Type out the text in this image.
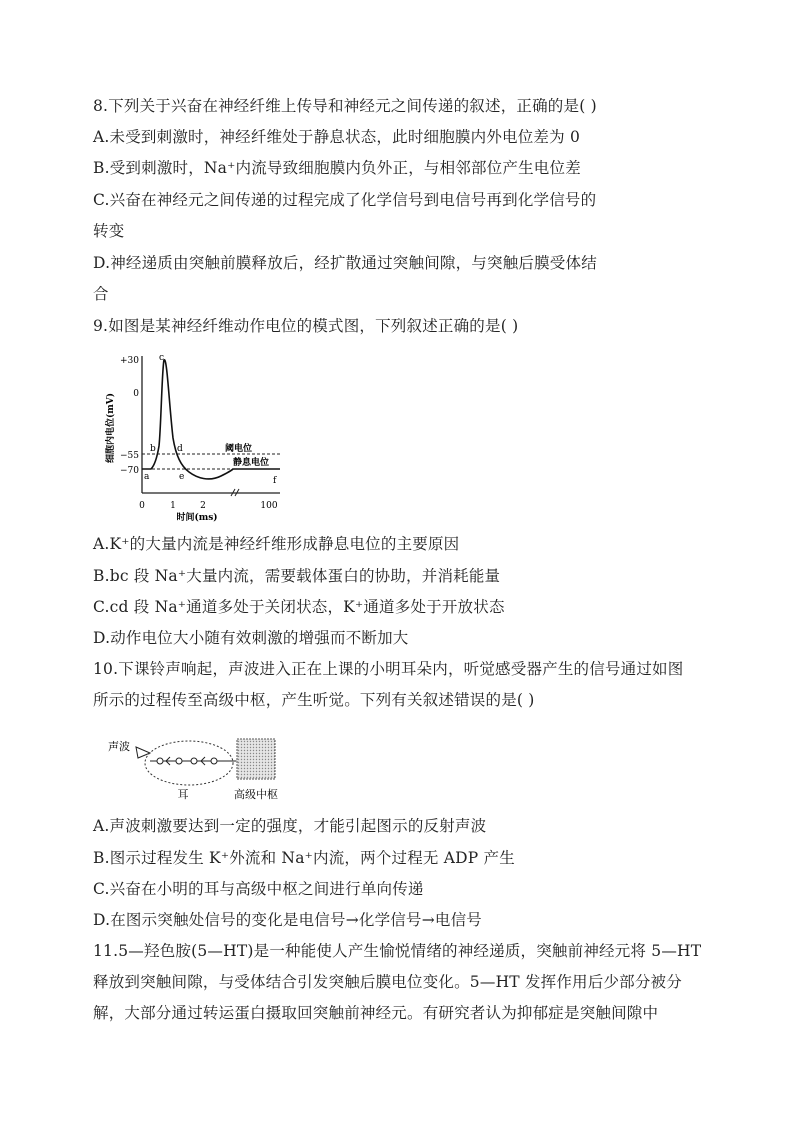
8.下列关于兴奋在神经纤维上传导和神经元之间传递的叙述，正确的是( )
A.未受到刺激时，神经纤维处于静息状态，此时细胞膜内外电位差为 0
B.受到刺激时，Na⁺内流导致细胞膜内负外正，与相邻部位产生电位差
C.兴奋在神经元之间传递的过程完成了化学信号到电信号再到化学信号的
转变
D.神经递质由突触前膜释放后，经扩散通过突触间隙，与突触后膜受体结
合
9.如图是某神经纤维动作电位的模式图，下列叙述正确的是( )
+30
0
−55
−70
0	1	2	100
细胞内电位(mV)
时间(ms)
阈电位
静息电位
a
b
c
d
e	f
A.K⁺的大量内流是神经纤维形成静息电位的主要原因
B.bc 段 Na⁺大量内流，需要载体蛋白的协助，并消耗能量
C.cd 段 Na⁺通道多处于关闭状态，K⁺通道多处于开放状态
D.动作电位大小随有效刺激的增强而不断加大
10.下课铃声响起，声波进入正在上课的小明耳朵内，听觉感受器产生的信号通过如图
所示的过程传至高级中枢，产生听觉。下列有关叙述错误的是( )
声波
耳	高级中枢
A.声波刺激要达到一定的强度，才能引起图示的反射声波
B.图示过程发生 K⁺外流和 Na⁺内流，两个过程无 ADP 产生
C.兴奋在小明的耳与高级中枢之间进行单向传递
D.在图示突触处信号的变化是电信号→化学信号→电信号
11.5—羟色胺(5—HT)是一种能使人产生愉悦情绪的神经递质，突触前神经元将 5—HT
释放到突触间隙，与受体结合引发突触后膜电位变化。5—HT 发挥作用后少部分被分
解，大部分通过转运蛋白摄取回突触前神经元。有研究者认为抑郁症是突触间隙中
